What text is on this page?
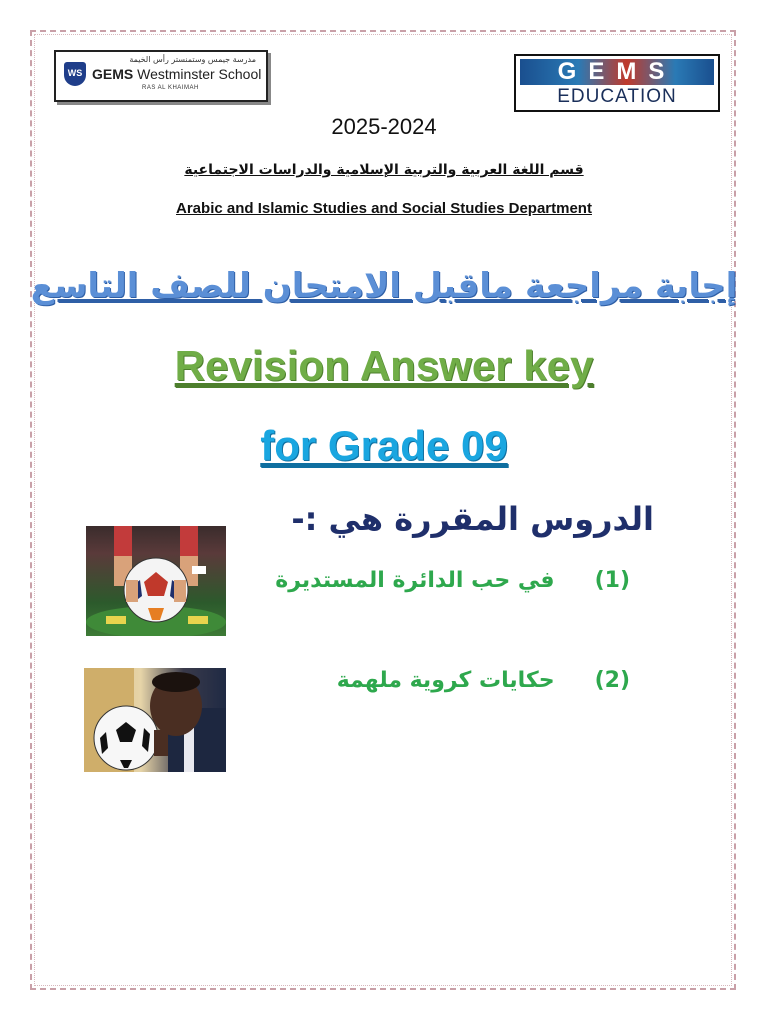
WS
مدرسة جيمس وستمنستر رأس الخيمة
GEMS Westminster School
RAS AL KHAIMAH
GEMS
EDUCATION
2025-2024
قسم اللغة العربية والتربية الإسلامية والدراسات الاجتماعية
Arabic and Islamic Studies and Social Studies Department
إجابة مراجعة ماقبل الامتحان للصف التاسع
Revision Answer key
for Grade 09
الدروس المقررة هي :-
(1)في حب الدائرة المستديرة
(2)حكايات كروية ملهمة
